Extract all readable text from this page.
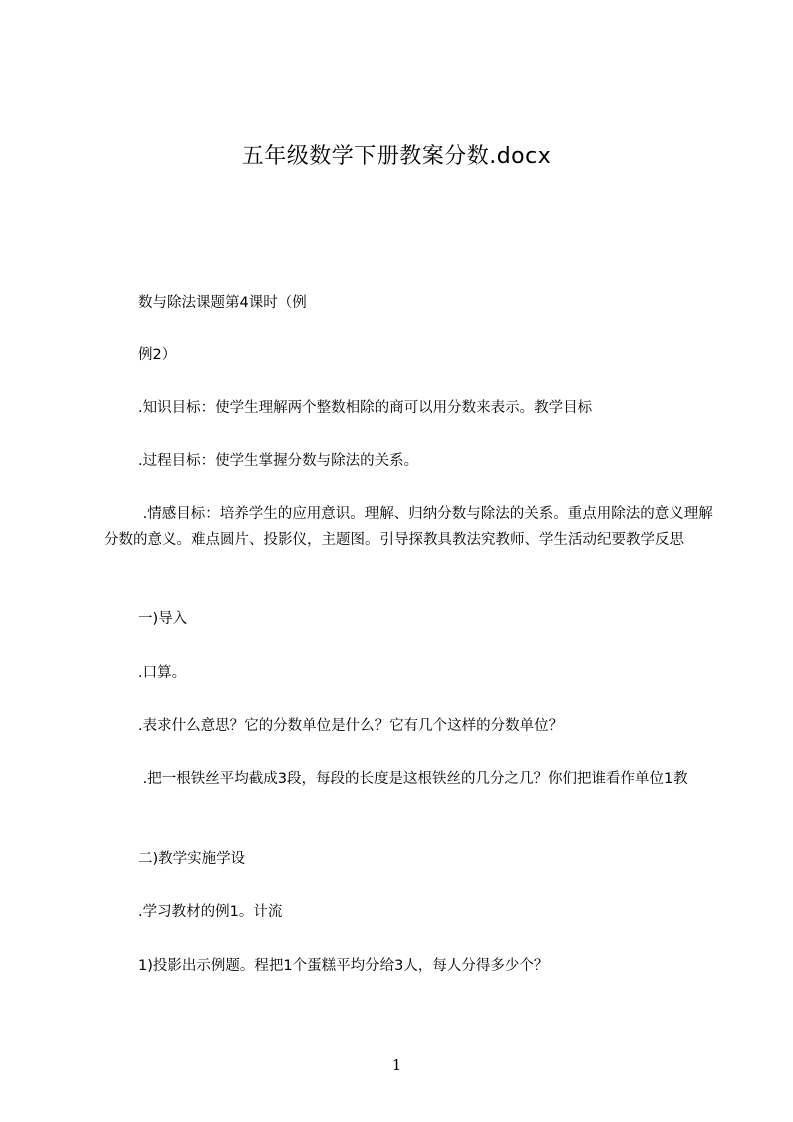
五年级数学下册教案分数.docx
数与除法课题第4课时（例
例2）
.知识目标：使学生理解两个整数相除的商可以用分数来表示。教学目标
.过程目标：使学生掌握分数与除法的关系。
.情感目标：培养学生的应用意识。理解、归纳分数与除法的关系。重点用除法的意义理解分数的意义。难点圆片、投影仪，主题图。引导探教具教法究教师、学生活动纪要教学反思
一)导入
.口算。
.表求什么意思？它的分数单位是什么？它有几个这样的分数单位？
.把一根铁丝平均截成3段，每段的长度是这根铁丝的几分之几？你们把谁看作单位1教
二)教学实施学设
.学习教材的例1。计流
1)投影出示例题。程把1个蛋糕平均分给3人，每人分得多少个？
1
